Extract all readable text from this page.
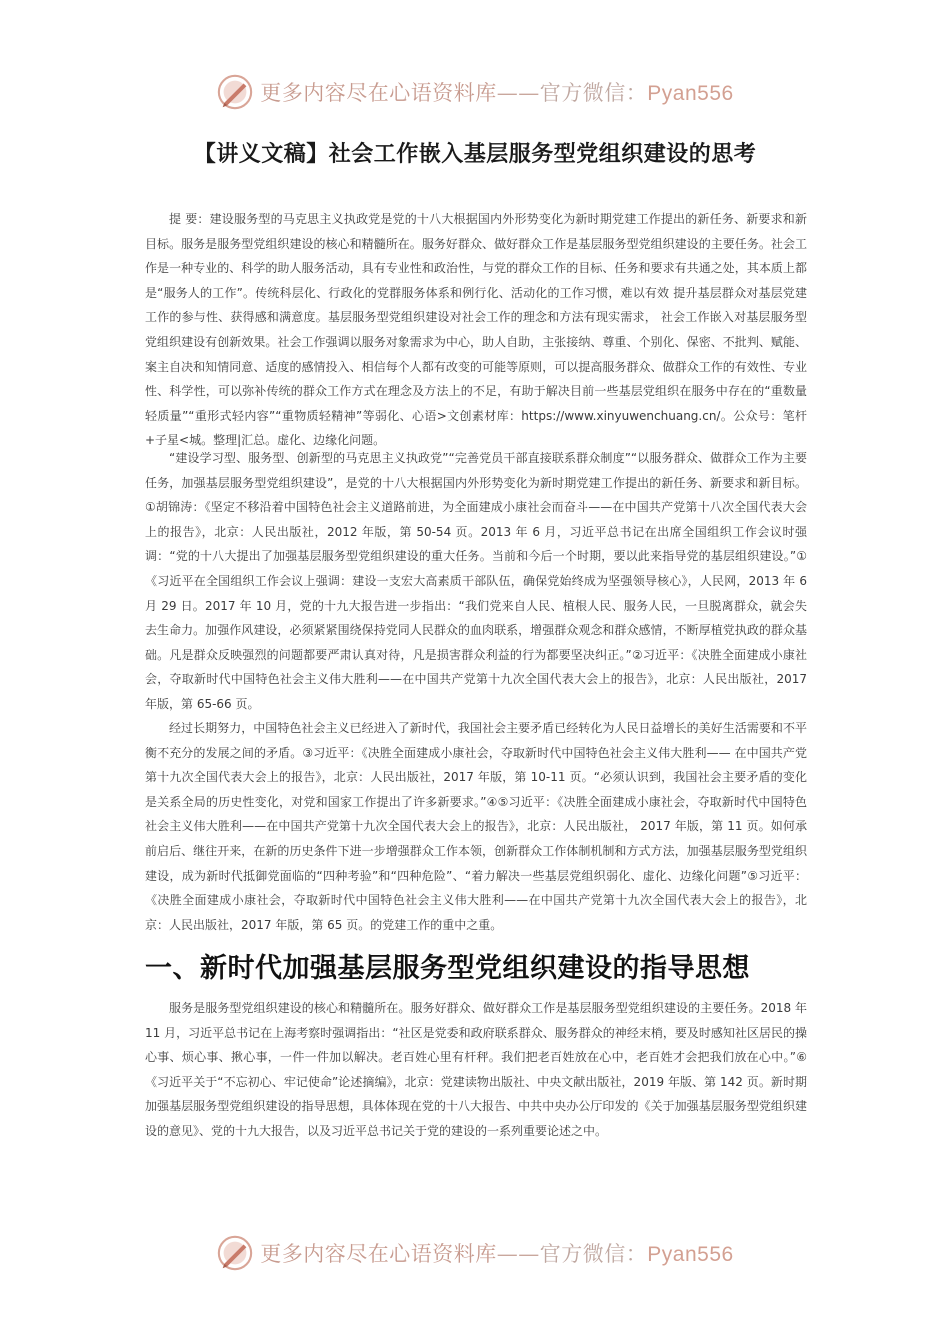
更多内容尽在心语资料库——官方微信：Pyan556
【讲义文稿】社会工作嵌入基层服务型党组织建设的思考

提 要：建设服务型的马克思主义执政党是党的十八大根据国内外形势变化为新时期党建工作提出的新任务、新要求和新目标。服务是服务型党组织建设的核心和精髓所在。服务好群众、做好群众工作是基层服务型党组织建设的主要任务。社会工作是一种专业的、科学的助人服务活动，具有专业性和政治性，与党的群众工作的目标、任务和要求有共通之处，其本质上都是“服务人的工作”。传统科层化、行政化的党群服务体系和例行化、活动化的工作习惯，难以有效 提升基层群众对基层党建工作的参与性、获得感和满意度。基层服务型党组织建设对社会工作的理念和方法有现实需求， 社会工作嵌入对基层服务型党组织建设有创新效果。社会工作强调以服务对象需求为中心，助人自助，主张接纳、尊重、个别化、保密、不批判、赋能、案主自决和知情同意、适度的感情投入、相信每个人都有改变的可能等原则，可以提高服务群众、做群众工作的有效性、专业性、科学性，可以弥补传统的群众工作方式在理念及方法上的不足，有助于解决目前一些基层党组织在服务中存在的“重数量轻质量”“重形式轻内容”“重物质轻精神”等弱化、心语>文创素材库：https://www.xinyuwenchuang.cn/。公众号：笔杆+子星<城。整理|汇总。虚化、边缘化问题。

“建设学习型、服务型、创新型的马克思主义执政党”“完善党员干部直接联系群众制度”“以服务群众、做群众工作为主要任务，加强基层服务型党组织建设”，是党的十八大根据国内外形势变化为新时期党建工作提出的新任务、新要求和新目标。①胡锦涛：《坚定不移沿着中国特色社会主义道路前进，为全面建成小康社会而奋斗——在中国共产党第十八次全国代表大会上的报告》，北京：人民出版社，2012 年版，第 50-54 页。2013 年 6 月，习近平总书记在出席全国组织工作会议时强调：“党的十八大提出了加强基层服务型党组织建设的重大任务。当前和今后一个时期，要以此来指导党的基层组织建设。”①《习近平在全国组织工作会议上强调：建设一支宏大高素质干部队伍，确保党始终成为坚强领导核心》，人民网，2013 年 6 月 29 日。2017 年 10 月，党的十九大报告进一步指出：“我们党来自人民、植根人民、服务人民，一旦脱离群众，就会失去生命力。加强作风建设，必须紧紧围绕保持党同人民群众的血肉联系，增强群众观念和群众感情，不断厚植党执政的群众基础。凡是群众反映强烈的问题都要严肃认真对待，凡是损害群众利益的行为都要坚决纠正。”②习近平：《决胜全面建成小康社会，夺取新时代中国特色社会主义伟大胜利——在中国共产党第十九次全国代表大会上的报告》，北京：人民出版社，2017 年版，第 65-66 页。

经过长期努力，中国特色社会主义已经进入了新时代，我国社会主要矛盾已经转化为人民日益增长的美好生活需要和不平衡不充分的发展之间的矛盾。③习近平：《决胜全面建成小康社会，夺取新时代中国特色社会主义伟大胜利—— 在中国共产党第十九次全国代表大会上的报告》，北京：人民出版社，2017 年版，第 10-11 页。“必须认识到，我国社会主要矛盾的变化是关系全局的历史性变化，对党和国家工作提出了许多新要求。”④⑤习近平：《决胜全面建成小康社会，夺取新时代中国特色社会主义伟大胜利——在中国共产党第十九次全国代表大会上的报告》，北京：人民出版社， 2017 年版，第 11 页。如何承前启后、继往开来，在新的历史条件下进一步增强群众工作本领，创新群众工作体制机制和方式方法，加强基层服务型党组织建设，成为新时代抵御党面临的“四种考验”和“四种危险”、“着力解决一些基层党组织弱化、虚化、边缘化问题”⑤习近平：《决胜全面建成小康社会，夺取新时代中国特色社会主义伟大胜利——在中国共产党第十九次全国代表大会上的报告》，北京：人民出版社，2017 年版，第 65 页。的党建工作的重中之重。

一、新时代加强基层服务型党组织建设的指导思想

服务是服务型党组织建设的核心和精髓所在。服务好群众、做好群众工作是基层服务型党组织建设的主要任务。2018 年 11 月，习近平总书记在上海考察时强调指出：“社区是党委和政府联系群众、服务群众的神经末梢，要及时感知社区居民的操心事、烦心事、揪心事，一件一件加以解决。老百姓心里有杆秤。我们把老百姓放在心中，老百姓才会把我们放在心中。”⑥《习近平关于“不忘初心、牢记使命”论述摘编》，北京：党建读物出版社、中央文献出版社，2019 年版、第 142 页。新时期加强基层服务型党组织建设的指导思想，具体体现在党的十八大报告、中共中央办公厅印发的《关于加强基层服务型党组织建设的意见》、党的十九大报告，以及习近平总书记关于党的建设的一系列重要论述之中。

更多内容尽在心语资料库——官方微信：Pyan556
